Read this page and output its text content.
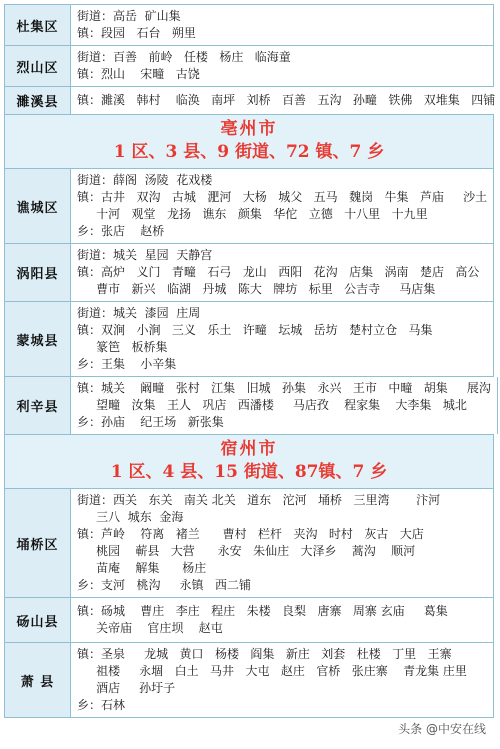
杜集区
街道：高岳  矿山集
镇：段园   石台   朔里
烈山区
街道：百善   前岭   任楼   杨庄   临海童
镇：烈山    宋疃   古饶
濉溪县	镇：濉溪   韩村    临涣   南坪   刘桥   百善   五沟   孙疃   铁佛   双堆集   四铺
亳州市
1 区、3 县、9 街道、72 镇、7 乡
谯城区
街道：薛阁  汤陵  花戏楼
镇：古井   双沟   古城   淝河   大杨   城父   五马   魏岗   牛集   芦庙     沙土
十河   观堂   龙扬   谯东   颜集   华佗   立德   十八里   十九里
乡：张店    赵桥
涡阳县
街道：城关  星园  天静宫
镇：高炉   义门   青疃   石弓   龙山   西阳   花沟   店集   涡南   楚店   高公
曹市   新兴   临湖   丹城   陈大   牌坊   标里   公吉寺     马店集
蒙城县
街道：城关  漆园  庄周
镇：双涧   小涧   三义   乐土   许疃   坛城   岳坊   楚村立仓   马集
篆笆   板桥集
乡：王集    小辛集
利辛县
镇：城关    阚疃   张村   江集   旧城   孙集   永兴   王市   中疃   胡集     展沟
望疃   汝集   王人   巩店   西潘楼     马店孜    程家集    大李集   城北
乡：孙庙    纪王场   新张集
宿州市
1 区、4 县、15 街道、87镇、7 乡
埇桥区
街道：西关   东关   南关 北关   道东   沱河   埇桥   三里湾       汴河
三八  城东  金海
镇：芦岭    符离   褚兰      曹村   栏杆   夹沟   时村   灰古   大店
桃园    蕲县   大营      永安   朱仙庄   大泽乡    蒿沟    顺河
苗庵    解集      杨庄
乡：支河   桃沟     永镇   西二铺
砀山县
镇：砀城    曹庄   李庄   程庄   朱楼   良梨   唐寨   周寨 玄庙     葛集
关帝庙    官庄坝    赵屯
萧 县
镇：圣泉     龙城   黄口   杨楼   阎集   新庄   刘套   杜楼   丁里   王寨
祖楼     永堌   白土   马井   大屯   赵庄   官桥   张庄寨    青龙集 庄里
酒店     孙圩子
乡：石林
头条 @中安在线
